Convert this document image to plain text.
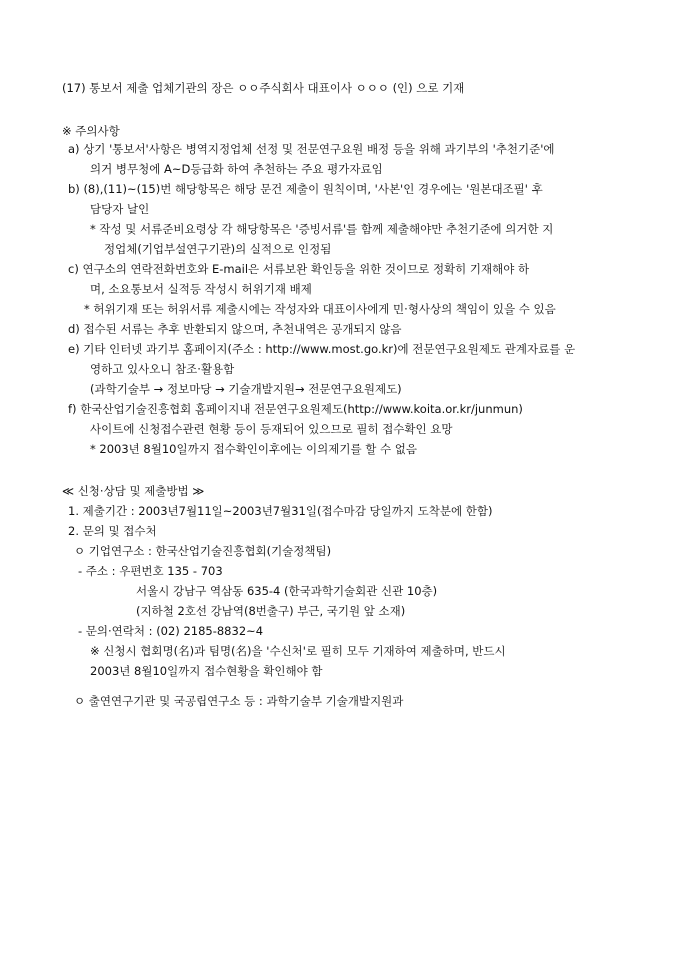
(17) 통보서 제출 업체기관의 장은 ㅇㅇ주식회사 대표이사 ㅇㅇㅇ (인) 으로 기재
※ 주의사항
a) 상기 '통보서'사항은 병역지정업체 선정 및 전문연구요원 배정 등을 위해 과기부의 '추천기준'에
의거 병무청에 A~D등급화 하여 추천하는 주요 평가자료임
b) (8),(11)~(15)번 해당항목은 해당 문건 제출이 원칙이며, '사본'인 경우에는 '원본대조필' 후
담당자 날인
* 작성 및 서류준비요령상 각 해당항목은 '증빙서류'를 함께 제출해야만 추천기준에 의거한 지
정업체(기업부설연구기관)의 실적으로 인정됨
c) 연구소의 연락전화번호와 E-mail은 서류보완 확인등을 위한 것이므로 정확히 기재해야 하
며, 소요통보서 실적등 작성시 허위기재 배제
* 허위기재 또는 허위서류 제출시에는 작성자와 대표이사에게 민·형사상의 책임이 있을 수 있음
d) 접수된 서류는 추후 반환되지 않으며, 추천내역은 공개되지 않음
e) 기타 인터넷 과기부 홈페이지(주소 : http://www.most.go.kr)에 전문연구요원제도 관계자료를 운
영하고 있사오니 참조·활용함
(과학기술부 → 정보마당 → 기술개발지원→ 전문연구요원제도)
f) 한국산업기술진흥협회 홈페이지내 전문연구요원제도(http://www.koita.or.kr/junmun)
사이트에 신청접수관련 현황 등이 등재되어 있으므로 필히 접수확인 요망
* 2003년 8월10일까지 접수확인이후에는 이의제기를 할 수 없음
≪ 신청·상담 및 제출방법 ≫
1. 제출기간 : 2003년7월11일~2003년7월31일(접수마감 당일까지 도착분에 한함)
2. 문의 및 접수처
ㅇ 기업연구소 : 한국산업기술진흥협회(기술정책팀)
- 주소 : 우편번호 135 - 703
서울시 강남구 역삼동 635-4 (한국과학기술회관 신관 10층)
(지하철 2호선 강남역(8번출구) 부근, 국기원 앞 소재)
- 문의·연락처 : (02) 2185-8832~4
※ 신청시 협회명(名)과 팀명(名)을 '수신처'로 필히 모두 기재하여 제출하며, 반드시
2003년 8월10일까지 접수현황을 확인해야 함
ㅇ 출연연구기관 및 국공립연구소 등 : 과학기술부 기술개발지원과
